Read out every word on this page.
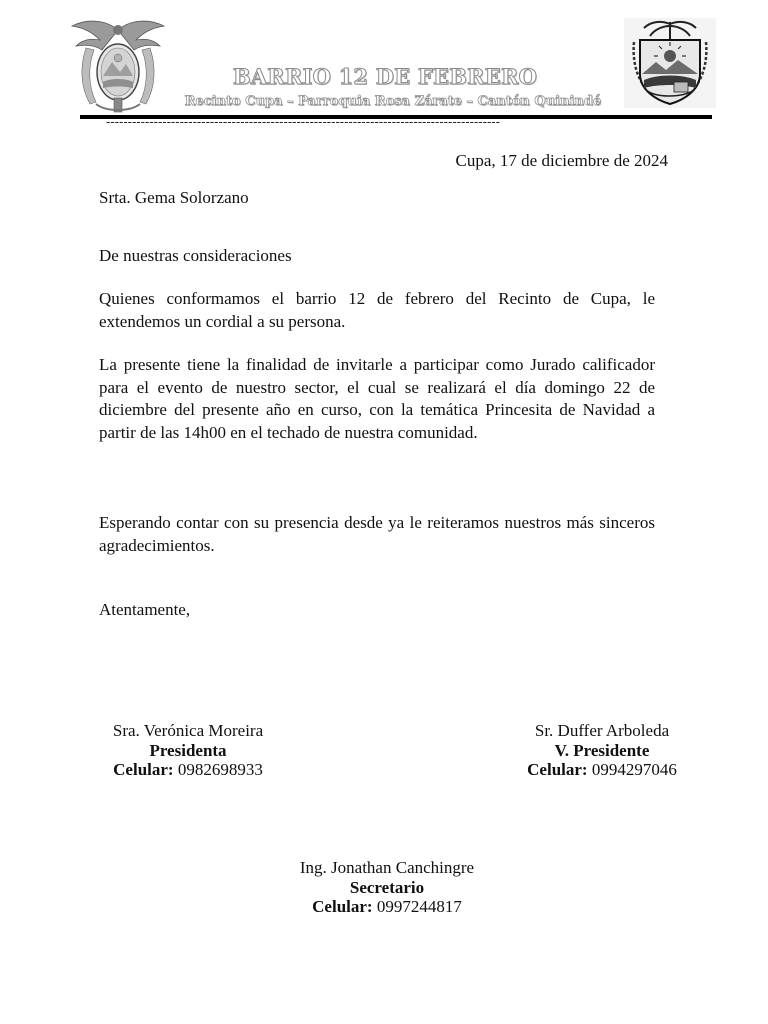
BARRIO 12 DE FEBRERO
Recinto Cupa – Parroquia Rosa Zárate – Cantón Quinindé
-------------------------------------------------------------------------------------------
Cupa, 17 de diciembre de 2024
Srta. Gema Solorzano
De nuestras consideraciones
Quienes conformamos el barrio 12 de febrero del Recinto de Cupa, le extendemos un cordial a su persona.
La presente tiene la finalidad de invitarle a participar como Jurado calificador para el evento de nuestro sector, el cual se realizará el día domingo 22 de diciembre del presente año en curso, con la temática Princesita de Navidad a partir de las 14h00 en el techado de nuestra comunidad.
Esperando contar con su presencia desde ya le reiteramos nuestros más sinceros agradecimientos.
Atentamente,
Sra. Verónica Moreira
Presidenta
Celular: 0982698933
Sr. Duffer Arboleda
V. Presidente
Celular: 0994297046
Ing. Jonathan Canchingre
Secretario
Celular: 0997244817
